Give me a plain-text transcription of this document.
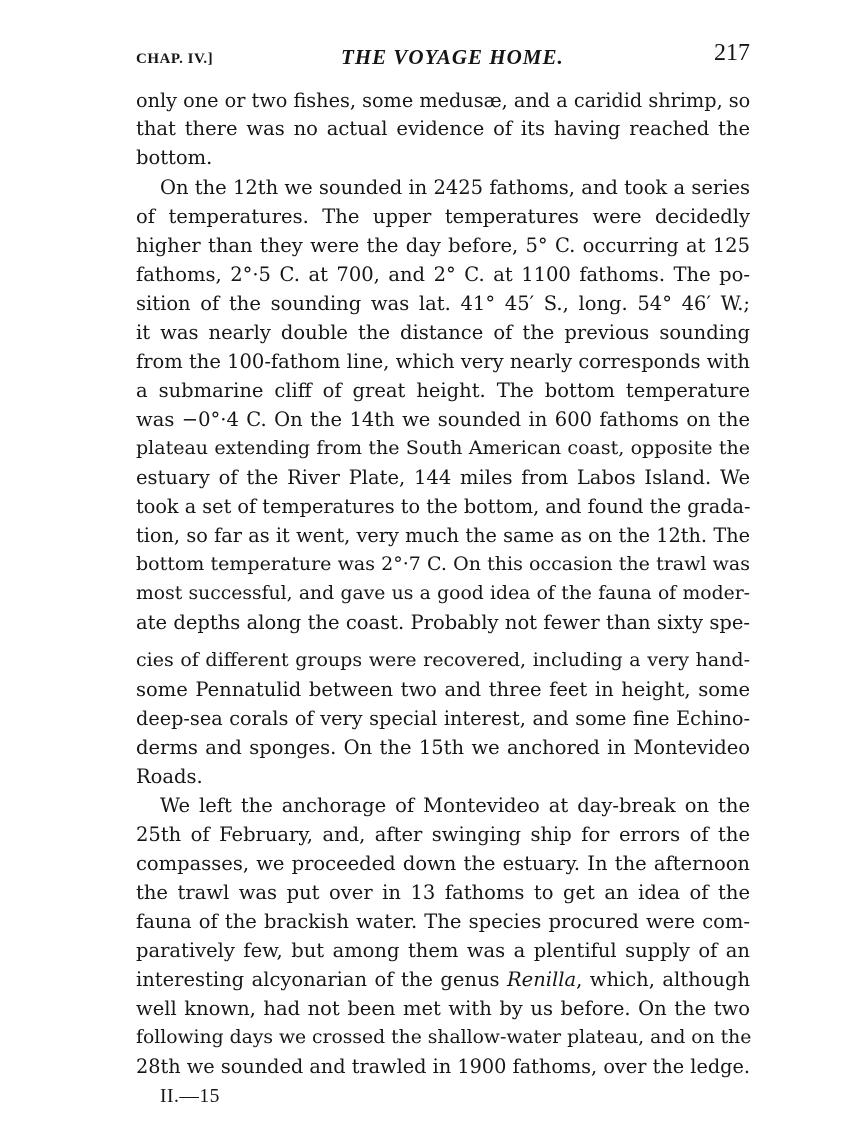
CHAP. IV.]	THE VOYAGE HOME.	217
only one or two fishes, some medusæ, and a caridid shrimp, so
that there was no actual evidence of its having reached the
bottom.
On the 12th we sounded in 2425 fathoms, and took a series
of temperatures. The upper temperatures were decidedly
higher than they were the day before, 5° C. occurring at 125
fathoms, 2°·5 C. at 700, and 2° C. at 1100 fathoms. The po-
sition of the sounding was lat. 41° 45′ S., long. 54° 46′ W.;
it was nearly double the distance of the previous sounding
from the 100-fathom line, which very nearly corresponds with
a submarine cliff of great height. The bottom temperature
was −0°·4 C. On the 14th we sounded in 600 fathoms on the
plateau extending from the South American coast, opposite the
estuary of the River Plate, 144 miles from Labos Island. We
took a set of temperatures to the bottom, and found the grada-
tion, so far as it went, very much the same as on the 12th. The
bottom temperature was 2°·7 C. On this occasion the trawl was
most successful, and gave us a good idea of the fauna of moder-
ate depths along the coast. Probably not fewer than sixty spe-
cies of different groups were recovered, including a very hand-
some Pennatulid between two and three feet in height, some
deep-sea corals of very special interest, and some fine Echino-
derms and sponges. On the 15th we anchored in Montevideo
Roads.
We left the anchorage of Montevideo at day-break on the
25th of February, and, after swinging ship for errors of the
compasses, we proceeded down the estuary. In the afternoon
the trawl was put over in 13 fathoms to get an idea of the
fauna of the brackish water. The species procured were com-
paratively few, but among them was a plentiful supply of an
interesting alcyonarian of the genus Renilla, which, although
well known, had not been met with by us before. On the two
following days we crossed the shallow-water plateau, and on the
28th we sounded and trawled in 1900 fathoms, over the ledge.
II.—15
